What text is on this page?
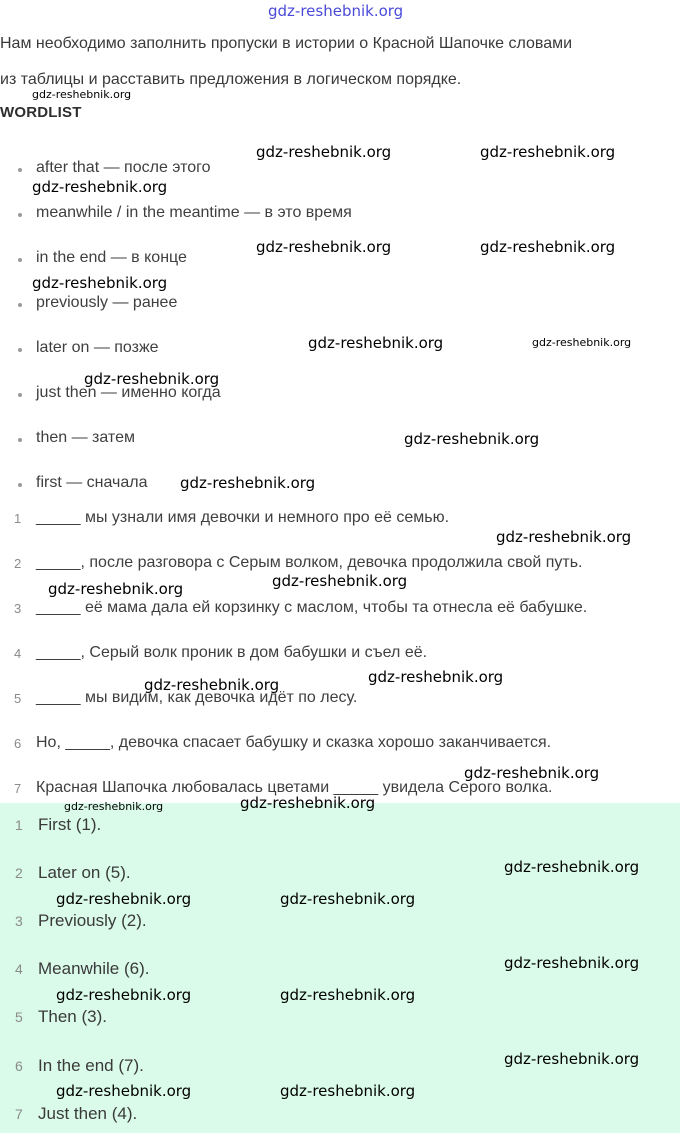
gdz-reshebnik.org
Нам необходимо заполнить пропуски в истории о Красной Шапочке словами
из таблицы и расставить предложения в логическом порядке.
gdz-reshebnik.org
WORDLIST
after that — после этого
meanwhile / in the meantime — в это время
in the end — в конце
previously — ранее
later on — позже
just then — именно когда
then — затем
first — сначала
gdz-reshebnik.org	gdz-reshebnik.org
gdz-reshebnik.org
gdz-reshebnik.org	gdz-reshebnik.org
gdz-reshebnik.org
gdz-reshebnik.org	gdz-reshebnik.org
gdz-reshebnik.org
gdz-reshebnik.org
gdz-reshebnik.org
1 _____ мы узнали имя девочки и немного про её семью.
2 _____, после разговора с Серым волком, девочка продолжила свой путь.
3 _____ её мама дала ей корзинку с маслом, чтобы та отнесла её бабушке.
4 _____, Серый волк проник в дом бабушки и съел её.
5 _____ мы видим, как девочка идёт по лесу.
6 Но, _____, девочка спасает бабушку и сказка хорошо заканчивается.
7 Красная Шапочка любовалась цветами _____ увидела Серого волка.
gdz-reshebnik.org
gdz-reshebnik.org
gdz-reshebnik.org
gdz-reshebnik.org
gdz-reshebnik.org
gdz-reshebnik.org
1 First (1).
2 Later on (5).
3 Previously (2).
4 Meanwhile (6).
5 Then (3).
6 In the end (7).
7 Just then (4).
gdz-reshebnik.org	gdz-reshebnik.org
gdz-reshebnik.org
gdz-reshebnik.org	gdz-reshebnik.org
gdz-reshebnik.org
gdz-reshebnik.org	gdz-reshebnik.org
gdz-reshebnik.org
gdz-reshebnik.org	gdz-reshebnik.org
